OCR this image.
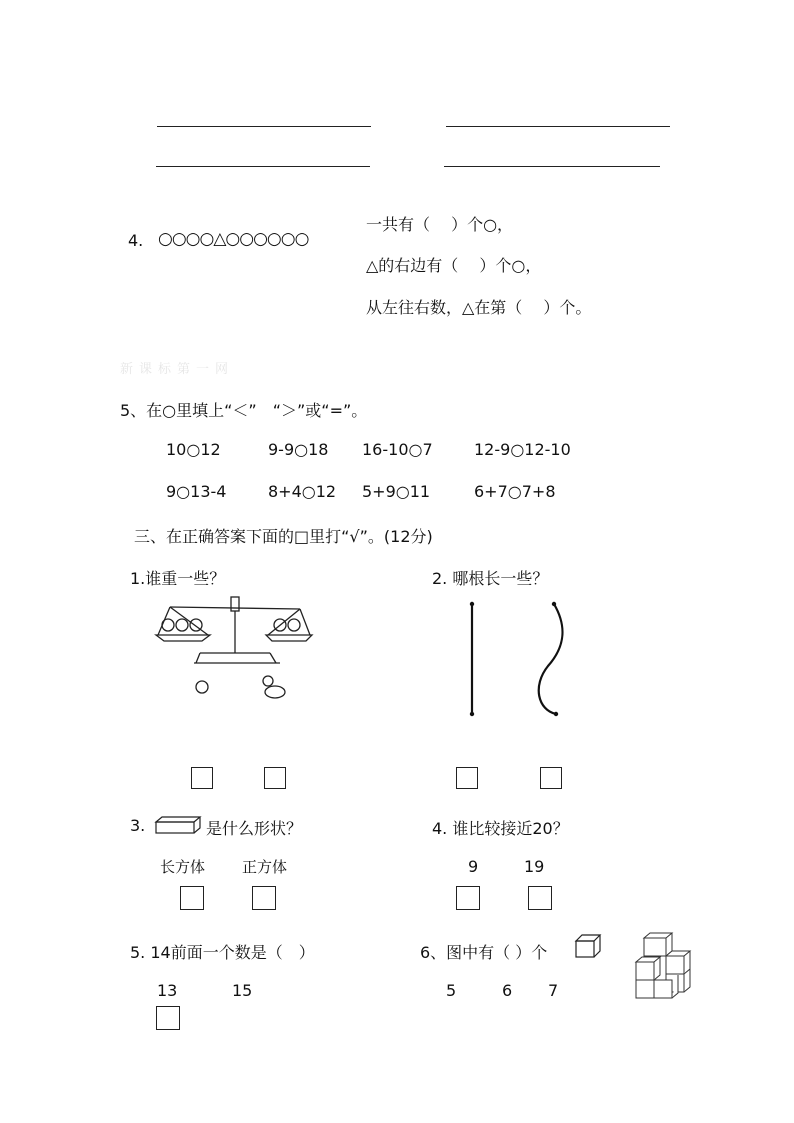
4. ○○○○△○○○○○○
一共有（　 ）个○，
△的右边有（　 ）个○，
从左往右数，△在第（　 ）个。
新课标第一网
5、在○里填上“＜”　“＞”或“=”。
10○12	9-9○18 16-10○7	12-9○12-10
9○13-4	8+4○12 5+9○11	6+7○7+8
三、在正确答案下面的□里打“√”。(12分)
1.谁重一些？	2. 哪根长一些？
3.	是什么形状？	4. 谁比较接近20？
长方体 正方体	9	19
5. 14前面一个数是（　）	6、图中有（ ）个
13	15	5	6 7
